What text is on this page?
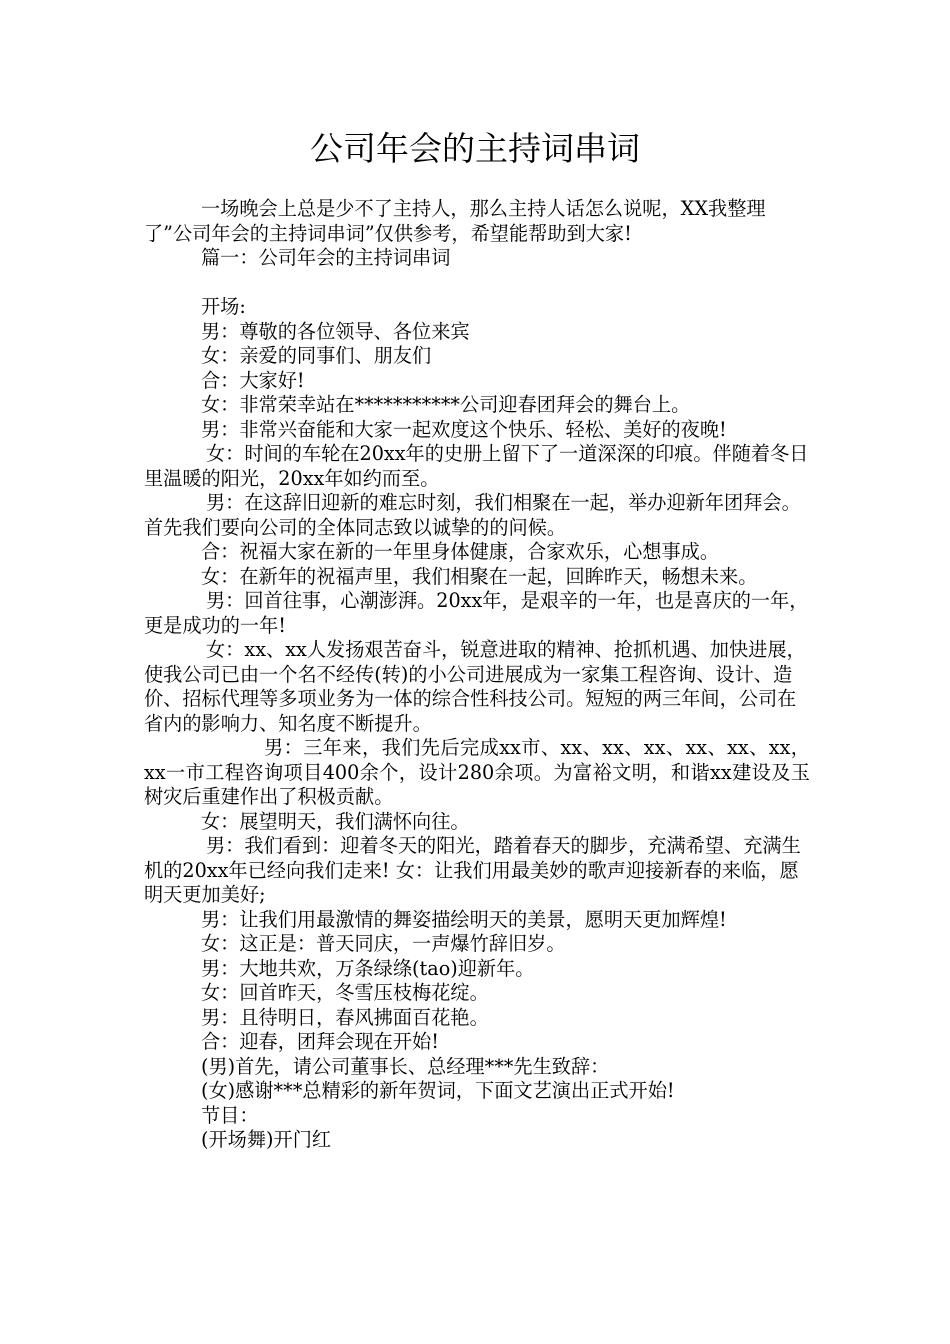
公司年会的主持词串词

一场晚会上总是少不了主持人，那么主持人话怎么说呢，XX我整理了”公司年会的主持词串词”仅供参考，希望能帮助到大家!

篇一：公司年会的主持词串词

开场:

男：尊敬的各位领导、各位来宾

女：亲爱的同事们、朋友们

合：大家好!

女：非常荣幸站在***********公司迎春团拜会的舞台上。

男：非常兴奋能和大家一起欢度这个快乐、轻松、美好的夜晚!

女：时间的车轮在20xx年的史册上留下了一道深深的印痕。伴随着冬日里温暖的阳光，20xx年如约而至。

男：在这辞旧迎新的难忘时刻，我们相聚在一起，举办迎新年团拜会。首先我们要向公司的全体同志致以诚挚的的问候。

合：祝福大家在新的一年里身体健康，合家欢乐，心想事成。

女：在新年的祝福声里，我们相聚在一起，回眸昨天，畅想未来。

男：回首往事，心潮澎湃。20xx年，是艰辛的一年，也是喜庆的一年，更是成功的一年!

女：xx、xx人发扬艰苦奋斗，锐意进取的精神、抢抓机遇、加快进展，使我公司已由一个名不经传(转)的小公司进展成为一家集工程咨询、设计、造价、招标代理等多项业务为一体的综合性科技公司。短短的两三年间，公司在省内的影响力、知名度不断提升。

男：三年来，我们先后完成xx市、xx、xx、xx、xx、xx、xx，xx一市工程咨询项目400余个，设计280余项。为富裕文明，和谐xx建设及玉树灾后重建作出了积极贡献。

女：展望明天，我们满怀向往。

男：我们看到：迎着冬天的阳光，踏着春天的脚步，充满希望、充满生机的20xx年已经向我们走来! 女：让我们用最美妙的歌声迎接新春的来临，愿明天更加美好;

男：让我们用最激情的舞姿描绘明天的美景，愿明天更加辉煌!

女：这正是：普天同庆，一声爆竹辞旧岁。

男：大地共欢，万条绿绦(tao)迎新年。

女：回首昨天，冬雪压枝梅花绽。

男：且待明日，春风拂面百花艳。

合：迎春，团拜会现在开始!

(男)首先，请公司董事长、总经理***先生致辞：

(女)感谢***总精彩的新年贺词，下面文艺演出正式开始!

节目：

(开场舞)开门红
